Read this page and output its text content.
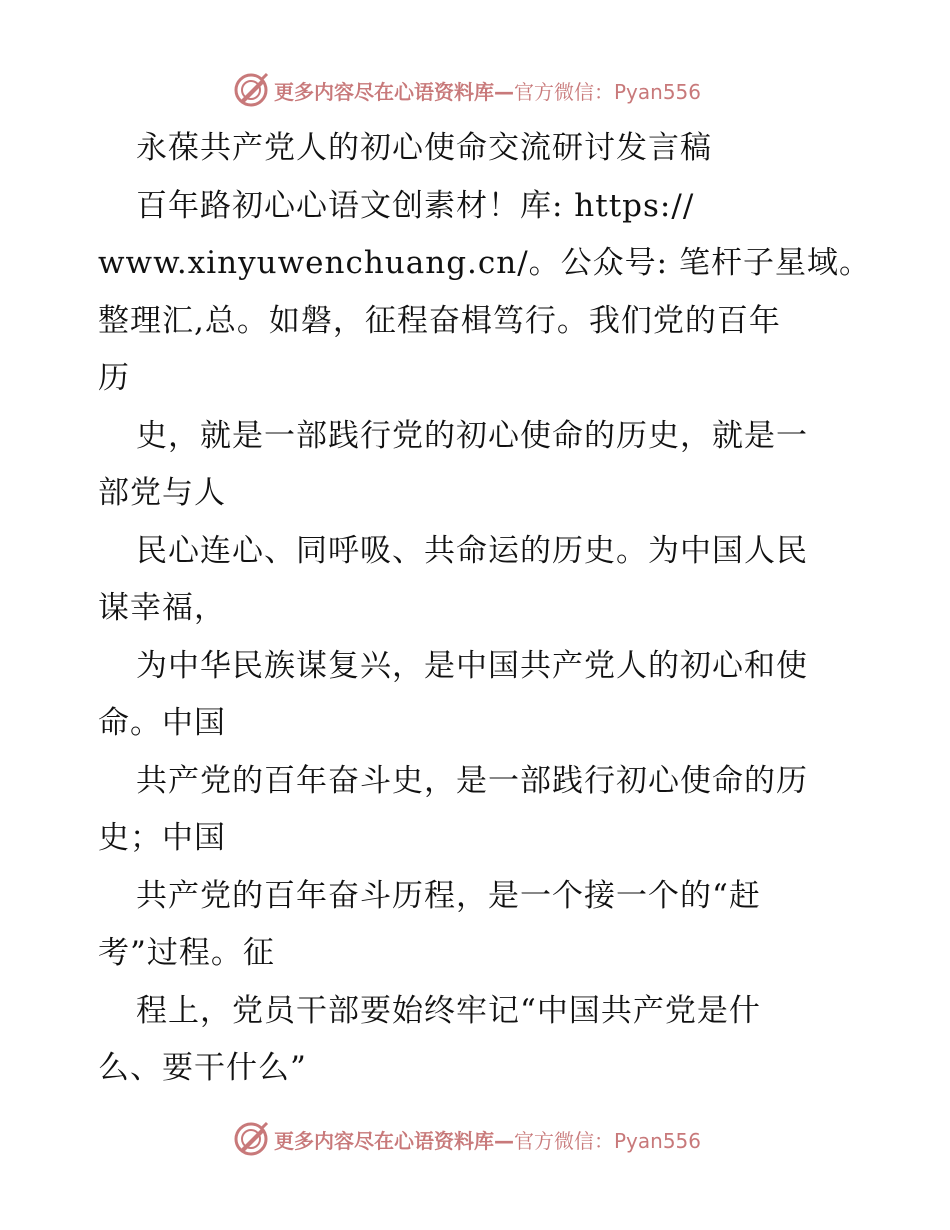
更多内容尽在心语资料库—官方微信：Pyan556
永葆共产党人的初心使命交流研讨发言稿
百年路初心心语文创素材！库: https://
www.xinyuwenchuang.cn/。公众号: 笔杆子星域。
整理汇,总。如磐，征程奋楫笃行。我们党的百年
历
史，就是一部践行党的初心使命的历史，就是一
部党与人
民心连心、同呼吸、共命运的历史。为中国人民
谋幸福，
为中华民族谋复兴，是中国共产党人的初心和使
命。中国
共产党的百年奋斗史，是一部践行初心使命的历
史；中国
共产党的百年奋斗历程，是一个接一个的“赶
考”过程。征
程上，党员干部要始终牢记“中国共产党是什
么、要干什么”
更多内容尽在心语资料库—官方微信：Pyan556
